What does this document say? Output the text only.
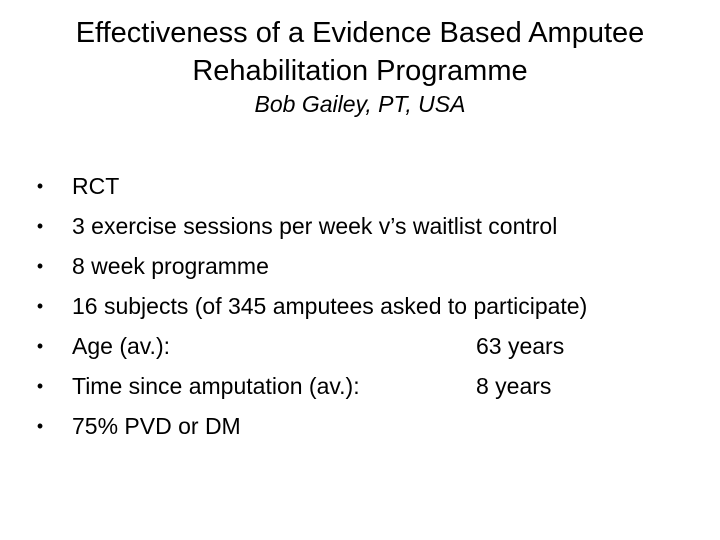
Effectiveness of a Evidence Based Amputee
Rehabilitation Programme
Bob Gailey, PT, USA
• RCT
• 3 exercise sessions per week v’s waitlist control
• 8 week programme
• 16 subjects (of 345 amputees asked to participate)
• Age (av.):	63 years
• Time since amputation (av.):	8 years
• 75% PVD or DM
